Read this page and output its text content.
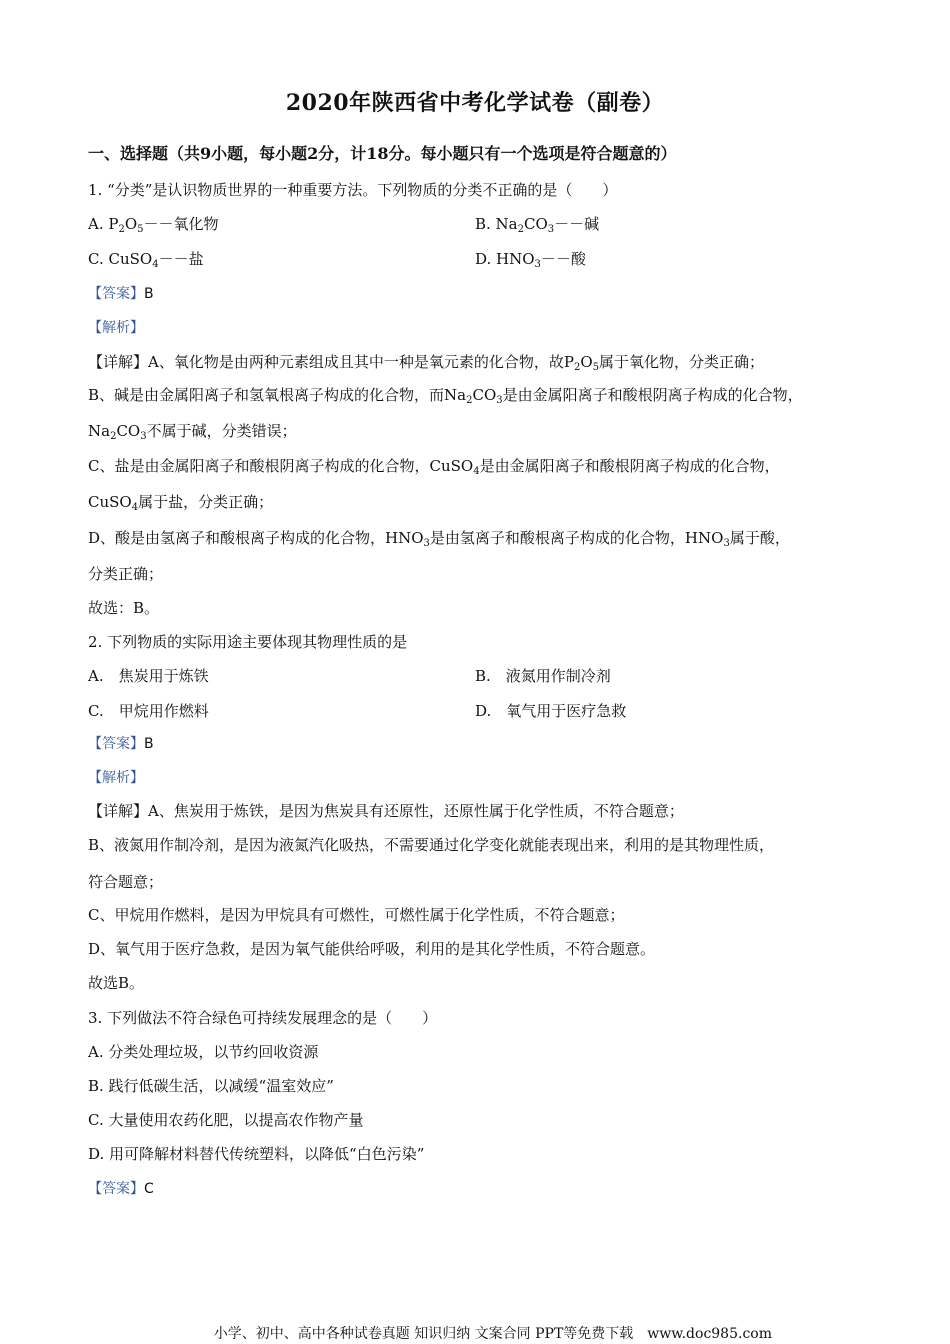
2020年陕西省中考化学试卷（副卷）
一、选择题（共9小题，每小题2分，计18分。每小题只有一个选项是符合题意的）
1. “分类”是认识物质世界的一种重要方法。下列物质的分类不正确的是（　　）
A. $P_2O_5--$氧化物	B. $Na_2CO_3--$碱
C. CuSO$_4$－－盐	D. $HNO_3--$酸
【答案】B
【解析】
【详解】A、氧化物是由两种元素组成且其中一种是氧元素的化合物，故$P_2O_5$属于氧化物，分类正确；
B、碱是由金属阳离子和氢氧根离子构成的化合物，而$Na_2CO_3$是由金属阳离子和酸根阴离子构成的化合物，
$Na_2CO_3$不属于碱，分类错误；
C、盐是由金属阳离子和酸根阴离子构成的化合物，CuSO$_4$是由金属阳离子和酸根阴离子构成的化合物，
CuSO$_4$属于盐，分类正确；
D、酸是由氢离子和酸根离子构成的化合物，$HNO_3$是由氢离子和酸根离子构成的化合物，$HNO_3$属于酸，
分类正确；
故选：B。
2. 下列物质的实际用途主要体现其物理性质的是
A.　焦炭用于炼铁	B.　液氮用作制冷剂
C.　甲烷用作燃料	D.　氧气用于医疗急救
【答案】B
【解析】
【详解】A、焦炭用于炼铁，是因为焦炭具有还原性，还原性属于化学性质，不符合题意；
B、液氮用作制冷剂，是因为液氮汽化吸热，不需要通过化学变化就能表现出来，利用的是其物理性质，
符合题意；
C、甲烷用作燃料，是因为甲烷具有可燃性，可燃性属于化学性质，不符合题意；
D、氧气用于医疗急救，是因为氧气能供给呼吸，利用的是其化学性质，不符合题意。
故选B。
3. 下列做法不符合绿色可持续发展理念的是（　　）
A. 分类处理垃圾，以节约回收资源
B. 践行低碳生活，以减缓“温室效应”
C. 大量使用农药化肥，以提高农作物产量
D. 用可降解材料替代传统塑料，以降低“白色污染”
【答案】C
小学、初中、高中各种试卷真题 知识归纳 文案合同 PPT等免费下载　www.doc985.com
